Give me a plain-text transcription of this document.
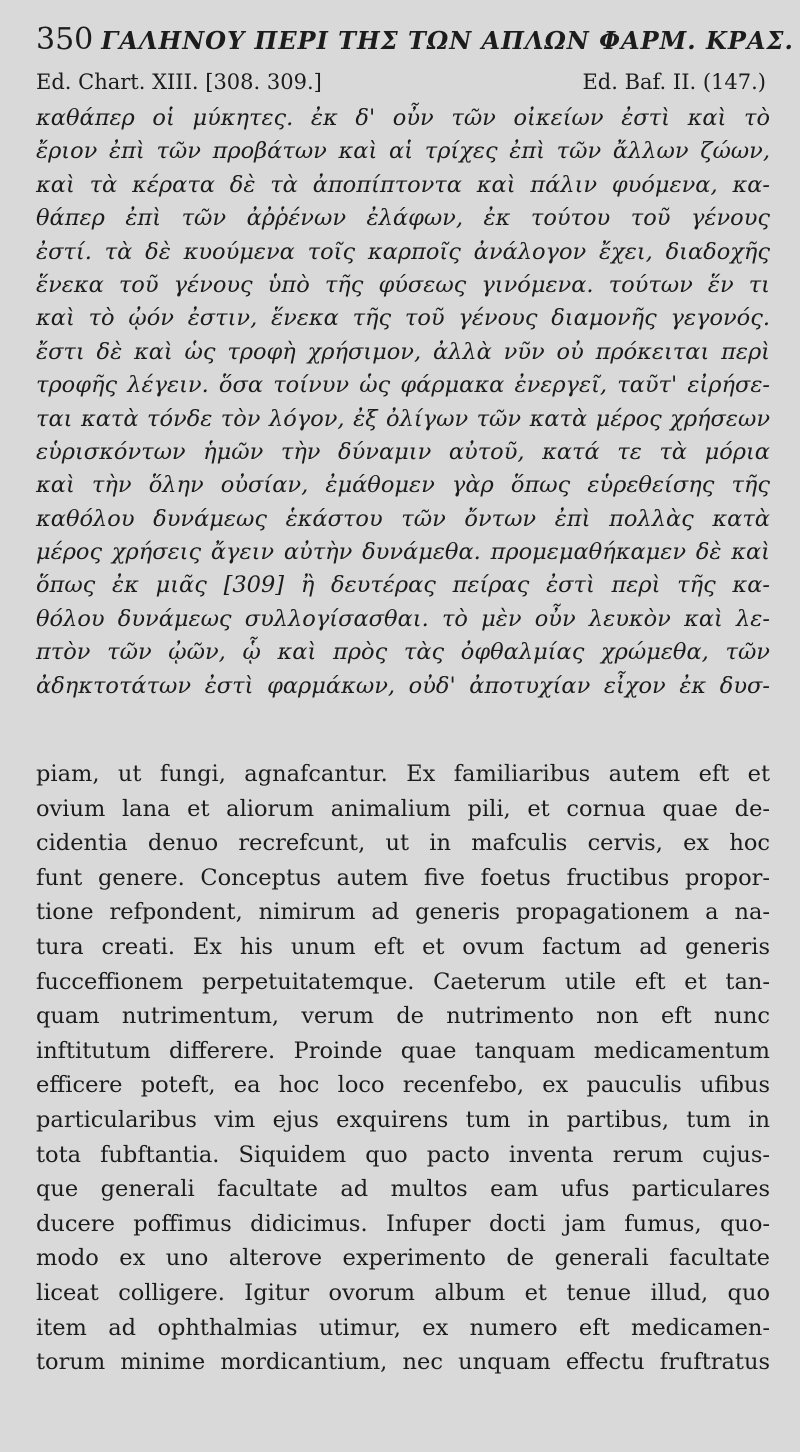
350 ΓΑΛΗΝΟΥ ΠΕΡΙ ΤΗΣ ΤΩΝ ΑΠΛΩΝ ΦΑΡΜ. ΚΡΑΣ.
Ed. Chart. XIII. [308. 309.]	Ed. Baf. II. (147.)
καθάπερ οἱ μύκητες. ἐκ δ' οὖν τῶν οἰκείων ἐστὶ καὶ τὸ
ἔριον ἐπὶ τῶν προβάτων καὶ αἱ τρίχες ἐπὶ τῶν ἄλλων ζώων,
καὶ τὰ κέρατα δὲ τὰ ἀποπίπτοντα καὶ πάλιν φυόμενα, κα-
θάπερ ἐπὶ τῶν ἀῤῥένων ἐλάφων, ἐκ τούτου τοῦ γένους
ἐστί. τὰ δὲ κυούμενα τοῖς καρποῖς ἀνάλογον ἔχει, διαδοχῆς
ἕνεκα τοῦ γένους ὑπὸ τῆς φύσεως γινόμενα. τούτων ἕν τι
καὶ τὸ ᾠόν ἐστιν, ἕνεκα τῆς τοῦ γένους διαμονῆς γεγονός.
ἔστι δὲ καὶ ὡς τροφὴ χρήσιμον, ἀλλὰ νῦν οὐ πρόκειται περὶ
τροφῆς λέγειν. ὅσα τοίνυν ὡς φάρμακα ἐνεργεῖ, ταῦτ' εἰρήσε-
ται κατὰ τόνδε τὸν λόγον, ἐξ ὀλίγων τῶν κατὰ μέρος χρήσεων
εὑρισκόντων ἡμῶν τὴν δύναμιν αὐτοῦ, κατά τε τὰ μόρια
καὶ τὴν ὅλην οὐσίαν, ἐμάθομεν γὰρ ὅπως εὑρεθείσης τῆς
καθόλου δυνάμεως ἑκάστου τῶν ὄντων ἐπὶ πολλὰς κατὰ
μέρος χρήσεις ἄγειν αὐτὴν δυνάμεθα. προμεμαθήκαμεν δὲ καὶ
ὅπως ἐκ μιᾶς [309] ἢ δευτέρας πείρας ἐστὶ περὶ τῆς κα-
θόλου δυνάμεως συλλογίσασθαι. τὸ μὲν οὖν λευκὸν καὶ λε-
πτὸν τῶν ᾠῶν, ᾧ καὶ πρὸς τὰς ὀφθαλμίας χρώμεθα, τῶν
ἀδηκτοτάτων ἐστὶ φαρμάκων, οὐδ' ἀποτυχίαν εἶχον ἐκ δυσ-
piam, ut fungi, agnafcantur. Ex familiaribus autem eft et
ovium lana et aliorum animalium pili, et cornua quae de-
cidentia denuo recrefcunt, ut in mafculis cervis, ex hoc
funt genere. Conceptus autem five foetus fructibus propor-
tione refpondent, nimirum ad generis propagationem a na-
tura creati. Ex his unum eft et ovum factum ad generis
fucceffionem perpetuitatemque. Caeterum utile eft et tan-
quam nutrimentum, verum de nutrimento non eft nunc
inftitutum differere. Proinde quae tanquam medicamentum
efficere poteft, ea hoc loco recenfebo, ex pauculis ufibus
particularibus vim ejus exquirens tum in partibus, tum in
tota fubftantia. Siquidem quo pacto inventa rerum cujus-
que generali facultate ad multos eam ufus particulares
ducere poffimus didicimus. Infuper docti jam fumus, quo-
modo ex uno alterove experimento de generali facultate
liceat colligere. Igitur ovorum album et tenue illud, quo
item ad ophthalmias utimur, ex numero eft medicamen-
torum minime mordicantium, nec unquam effectu fruftratus
